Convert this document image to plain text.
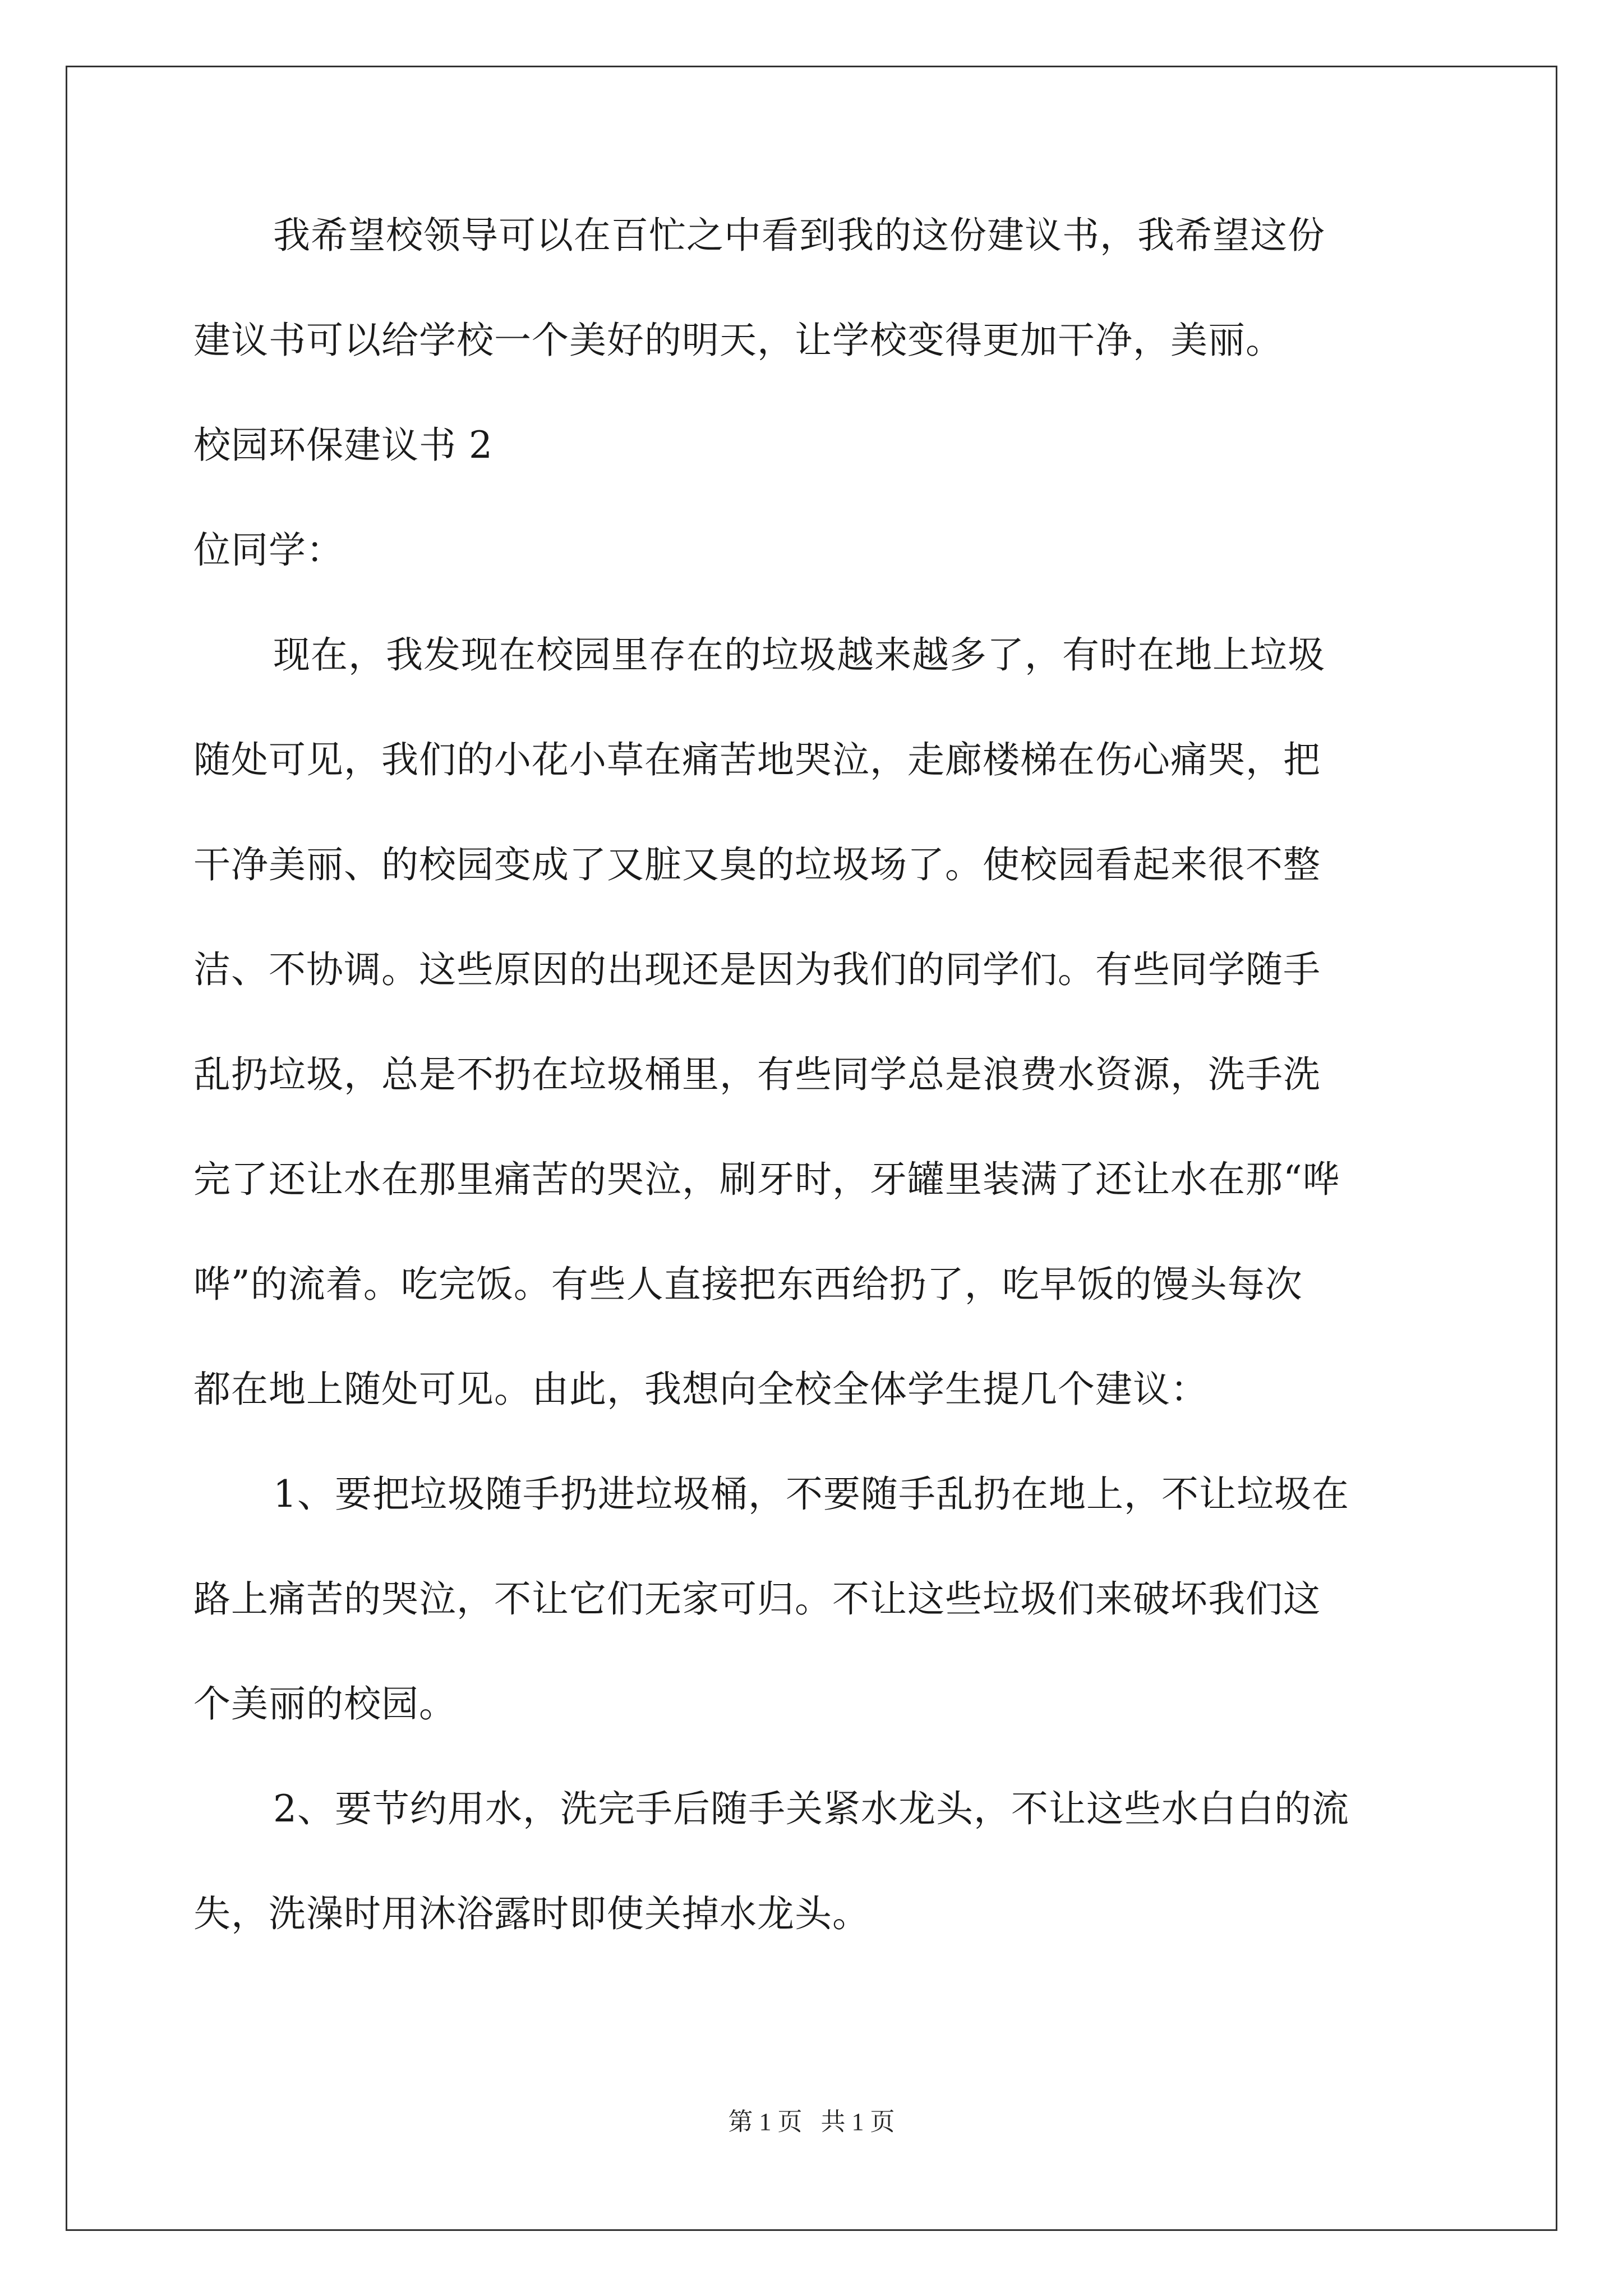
我希望校领导可以在百忙之中看到我的这份建议书，我希望这份

建议书可以给学校一个美好的明天，让学校变得更加干净，美丽。

校园环保建议书 2

位同学：

现在，我发现在校园里存在的垃圾越来越多了，有时在地上垃圾

随处可见，我们的小花小草在痛苦地哭泣，走廊楼梯在伤心痛哭，把

干净美丽、的校园变成了又脏又臭的垃圾场了。使校园看起来很不整

洁、不协调。这些原因的出现还是因为我们的同学们。有些同学随手

乱扔垃圾，总是不扔在垃圾桶里，有些同学总是浪费水资源，洗手洗

完了还让水在那里痛苦的哭泣，刷牙时，牙罐里装满了还让水在那“哗

哗”的流着。吃完饭。有些人直接把东西给扔了，吃早饭的馒头每次

都在地上随处可见。由此，我想向全校全体学生提几个建议：

1、要把垃圾随手扔进垃圾桶，不要随手乱扔在地上，不让垃圾在

路上痛苦的哭泣，不让它们无家可归。不让这些垃圾们来破坏我们这

个美丽的校园。

2、要节约用水，洗完手后随手关紧水龙头，不让这些水白白的流

失，洗澡时用沐浴露时即使关掉水龙头。

第 1 页   共 1 页
